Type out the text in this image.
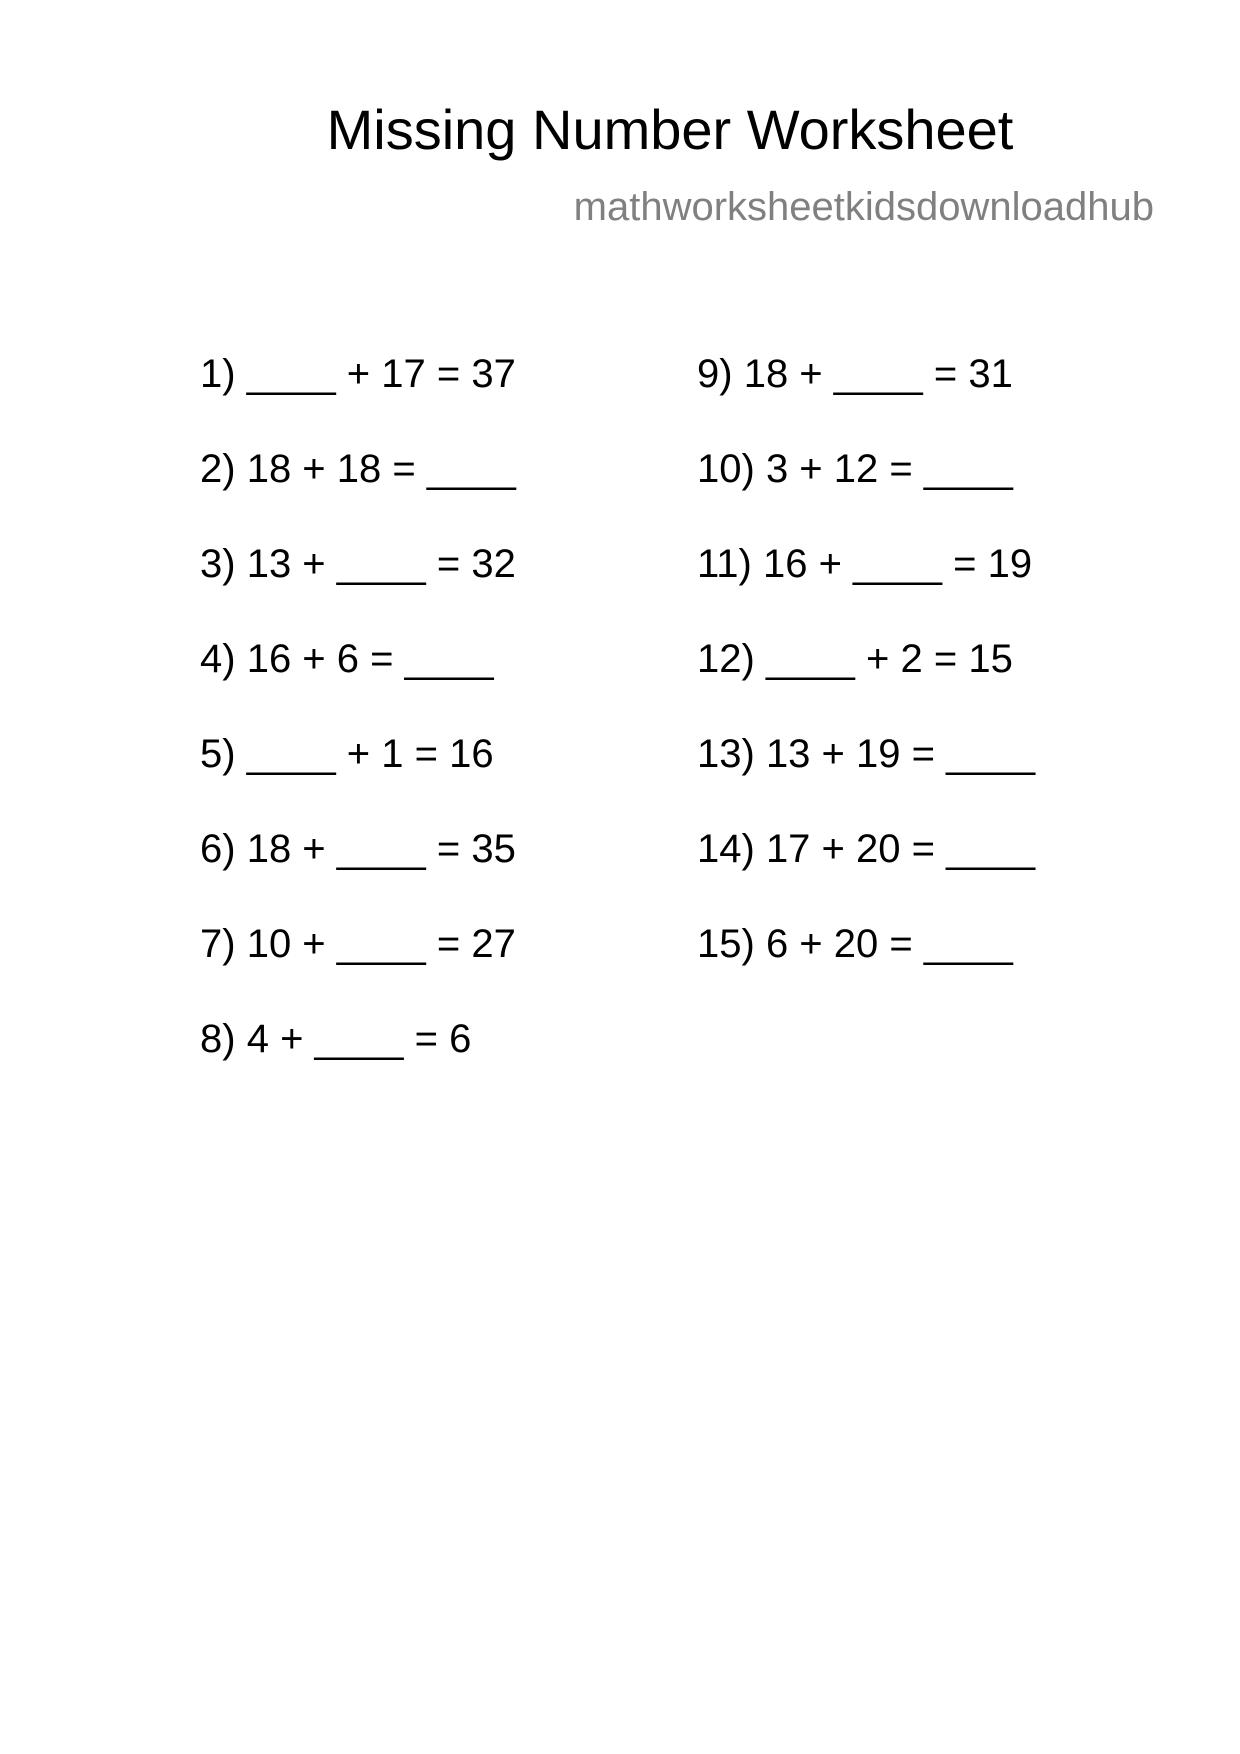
Missing Number Worksheet
mathworksheetkidsdownloadhub
1) ____ + 17 = 37
2) 18 + 18 = ____
3) 13 + ____ = 32
4) 16 + 6 = ____
5) ____ + 1 = 16
6) 18 + ____ = 35
7) 10 + ____ = 27
8) 4 + ____ = 6
9) 18 + ____ = 31
10) 3 + 12 = ____
11) 16 + ____ = 19
12) ____ + 2 = 15
13) 13 + 19 = ____
14) 17 + 20 = ____
15) 6 + 20 = ____
